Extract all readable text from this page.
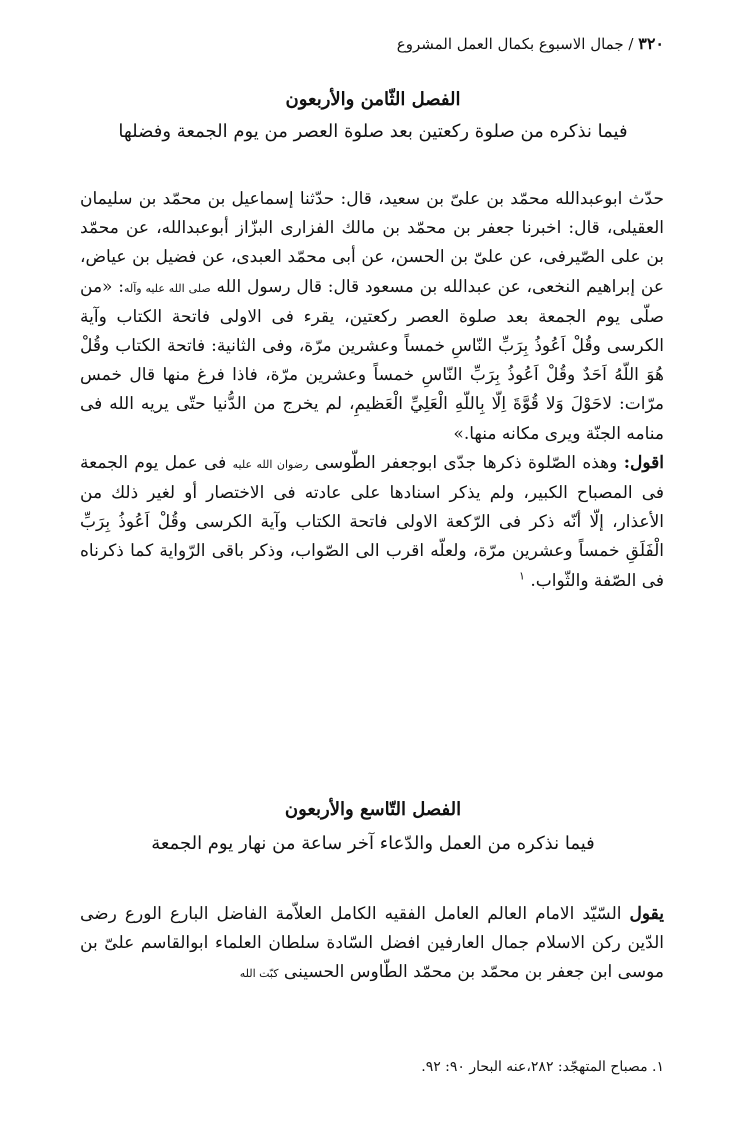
۳۲۰ / جمال الاسبوع بكمال العمل المشروع
الفصل الثّامن والأربعون
فيما نذكره من صلوة ركعتين بعد صلوة العصر من يوم الجمعة وفضلها

حدّث ابوعبدالله محمّد بن علىّ بن سعيد، قال: حدّثنا إسماعيل بن محمّد بن سليمان العقيلى، قال: اخبرنا جعفر بن محمّد بن مالك الفزارى البزّاز أبوعبدالله، عن محمّد بن على الصّيرفى، عن علىّ بن الحسن، عن أبى محمّد العبدى، عن فضيل بن عياض، عن إبراهيم النخعى، عن عبدالله بن مسعود قال: قال رسول الله صلى الله عليه وآله: «من صلّى يوم الجمعة بعد صلوة العصر ركعتين، يقرء فى الاولى فاتحة الكتاب وآية الكرسى وقُلْ اَعُوذُ بِرَبِّ النّاسِ خمساً وعشرين مرّة، وفى الثانية: فاتحة الكتاب وقُلْ هُوَ اللّهُ اَحَدٌ وقُلْ اَعُوذُ بِرَبِّ النّاسِ خمساً وعشرين مرّة، فاذا فرغ منها قال خمس مرّات: لاحَوْلَ وَلا قُوَّةَ اِلّا بِاللّهِ الْعَلِيِّ الْعَظيمِ، لم يخرج من الدُّنيا حتّى يريه الله فى منامه الجنّة ويرى مكانه منها.»

اقول: وهذه الصّلوة ذكرها جدّى ابوجعفر الطّوسى رضوان الله عليه فى عمل يوم الجمعة فى المصباح الكبير، ولم يذكر اسنادها على عادته فى الاختصار أو لغير ذلك من الأعذار، إلّا أنّه ذكر فى الرّكعة الاولى فاتحة الكتاب وآية الكرسى وقُلْ اَعُوذُ بِرَبِّ الْفَلَقِ خمساً وعشرين مرّة، ولعلّه اقرب الى الصّواب، وذكر باقى الرّواية كما ذكرناه فى الصّفة والثّواب. $^۱$

الفصل التّاسع والأربعون
فيما نذكره من العمل والدّعاء آخر ساعة من نهار يوم الجمعة

يقول السّيّد الامام العالم العامل الفقيه الكامل العلاّمة الفاضل البارع الورع رضى الدّين ركن الاسلام جمال العارفين افضل السّادة سلطان العلماء ابوالقاسم علىّ بن موسى ابن جعفر بن محمّد بن محمّد الطّاوس الحسينى كبّت الله

۱. مصباح المتهجّد: ۲۸۲،عنه البحار ۹۰: ۹۲.
